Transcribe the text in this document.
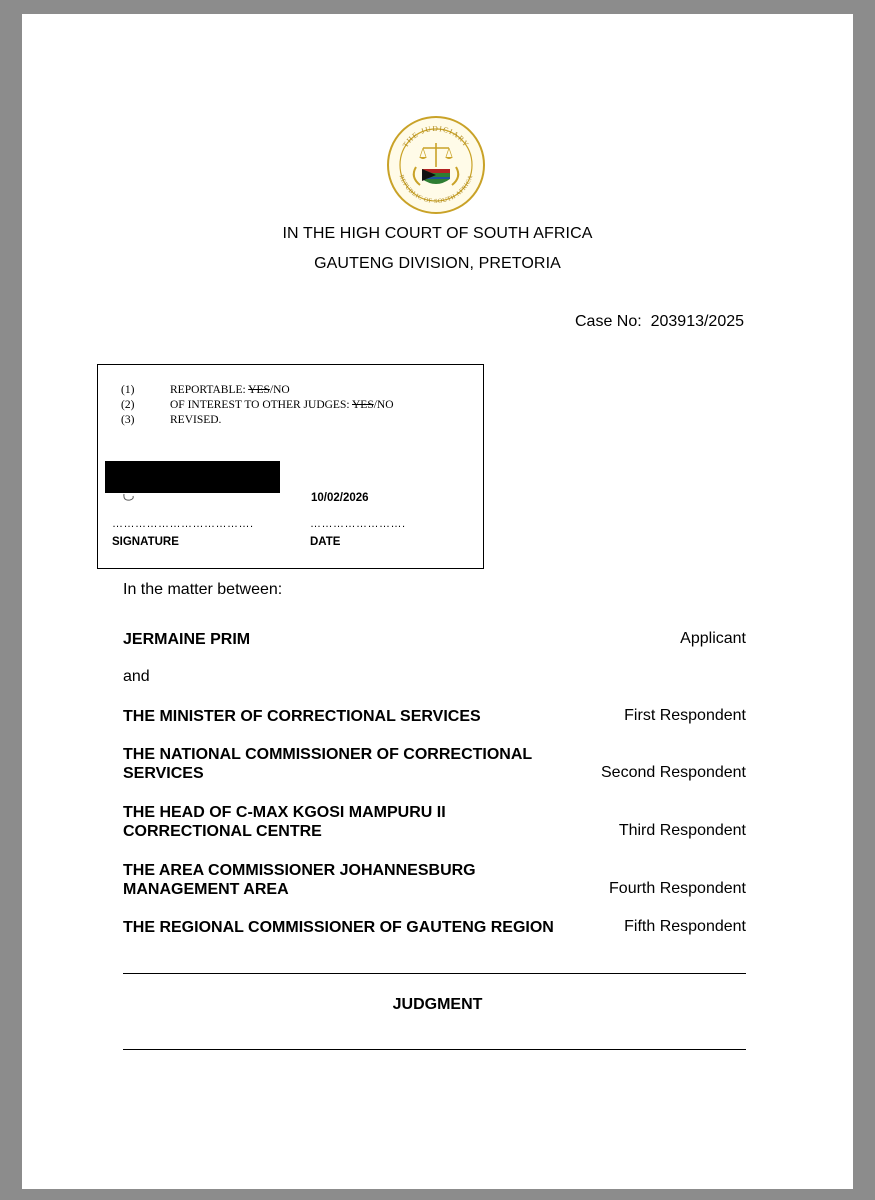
THE JUDICIARY
REPUBLIC OF SOUTH AFRICA
IN THE HIGH COURT OF SOUTH AFRICA
GAUTENG DIVISION, PRETORIA
Case No: 203913/2025
(1)	REPORTABLE: YES/NO
(2)	OF INTEREST TO OTHER JUDGES: YES/NO
(3)	REVISED.
10/02/2026
……………………………….	…………………….
SIGNATURE	DATE
In the matter between:
JERMAINE PRIM	Applicant
and
THE MINISTER OF CORRECTIONAL SERVICES	First Respondent
THE NATIONAL COMMISSIONER OF CORRECTIONAL SERVICES	Second Respondent
THE HEAD OF C-MAX KGOSI MAMPURU II CORRECTIONAL CENTRE	Third Respondent
THE AREA COMMISSIONER JOHANNESBURG MANAGEMENT AREA	Fourth Respondent
THE REGIONAL COMMISSIONER OF GAUTENG REGION	Fifth Respondent
JUDGMENT
